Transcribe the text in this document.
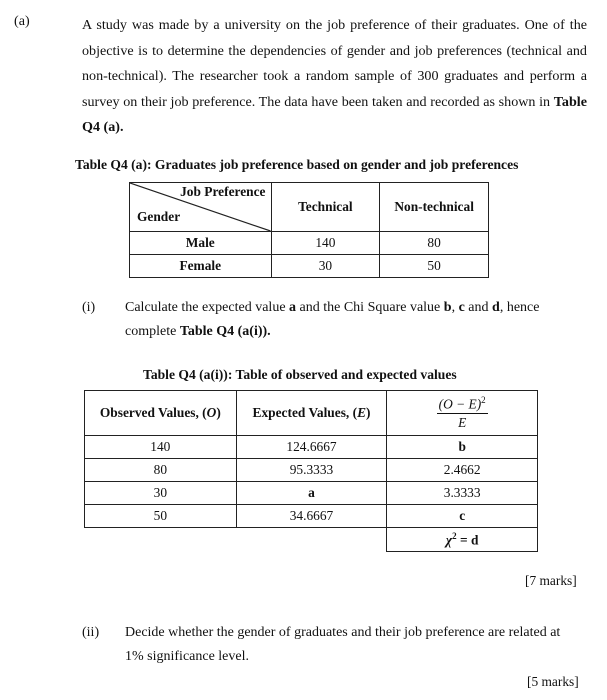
(a)	A study was made by a university on the job preference of their graduates. One of the objective is to determine the dependencies of gender and job preferences (technical and non-technical). The researcher took a random sample of 300 graduates and perform a survey on their job preference. The data have been taken and recorded as shown in Table Q4 (a).
Table Q4 (a): Graduates job preference based on gender and job preferences
Job Preference
Gender	Technical	Non-technical
Male	140	80
Female	30	50
(i) Calculate the expected value a and the Chi Square value b, c and d, hence
complete Table Q4 (a(i)).
Table Q4 (a(i)): Table of observed and expected values
Observed Values, (O)	Expected Values, (E)	$\frac{(O - E)^2}{E}$

140	124.6667	b
80	95.3333	2.4662
30	a	3.3333
50	34.6667	c
		$\chi^2 = d$
[7 marks]
(ii) Decide whether the gender of graduates and their job preference are related at
1% significance level.
[5 marks]
